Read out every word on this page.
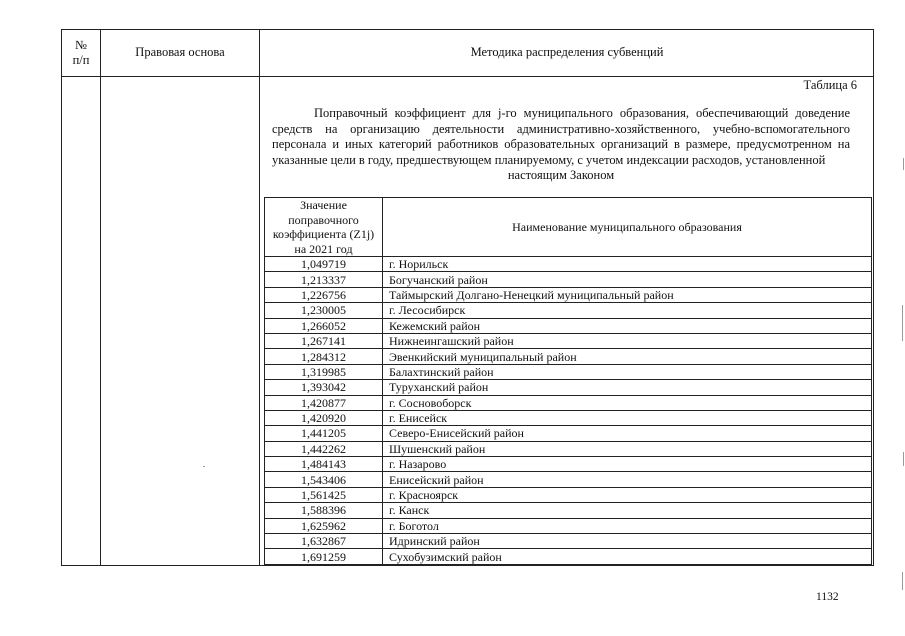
№
п/п
Правовая основа	Методика распределения субвенций
Таблица 6
Поправочный коэффициент для j-го муниципального образования, обеспечивающий доведение средств на организацию деятельности административно-хозяйственного, учебно-вспомогательного персонала и иных категорий работников образовательных организаций в размере, предусмотренном на указанные цели в году, предшествующем планируемому, с учетом индексации расходов, установленной
настоящим Законом
Значение поправочного коэффициента (Z1j) на 2021 год	Наименование муниципального образования
1,049719	г. Норильск
1,213337	Богучанский район
1,226756	Таймырский Долгано-Ненецкий муниципальный район
1,230005	г. Лесосибирск
1,266052	Кежемский район
1,267141	Нижнеингашский район
1,284312	Эвенкийский муниципальный район
1,319985	Балахтинский район
1,393042	Туруханский район
1,420877	г. Сосновоборск
1,420920	г. Енисейск
1,441205	Северо-Енисейский район
1,442262	Шушенский район
1,484143	г. Назарово
1,543406	Енисейский район
1,561425	г. Красноярск
1,588396	г. Канск
1,625962	г. Боготол
1,632867	Идринский район
1,691259	Сухобузимский район
1132
